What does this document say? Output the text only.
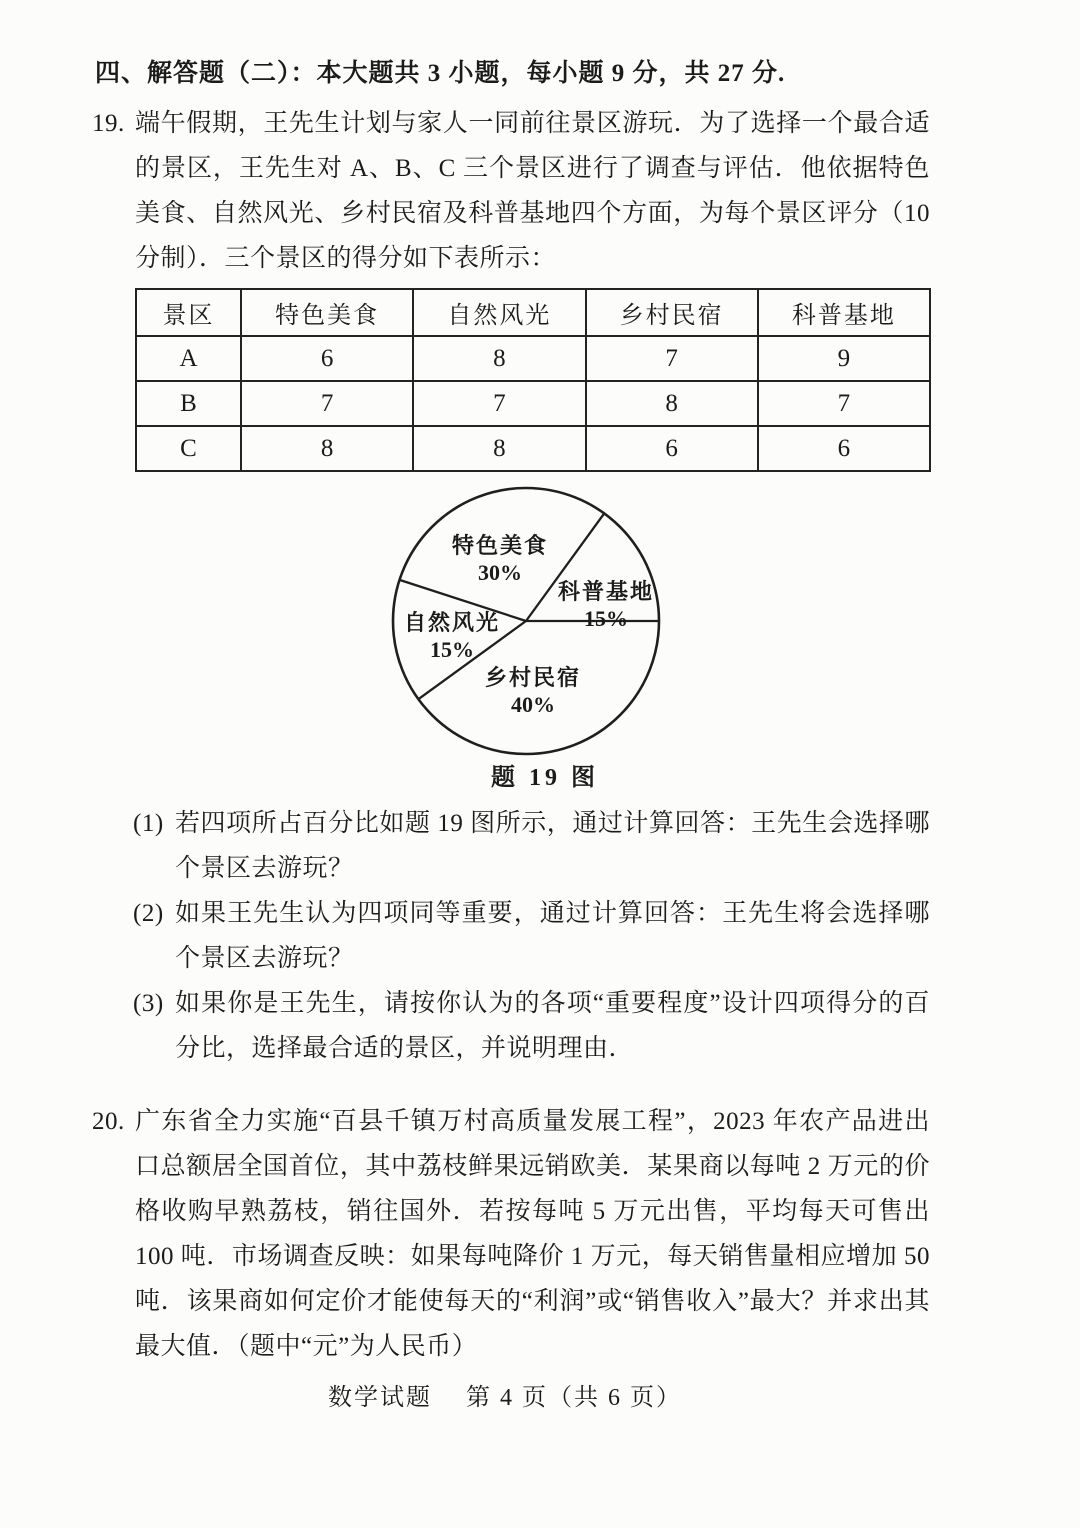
四、解答题（二）：本大题共 3 小题，每小题 9 分，共 27 分.
19. 端午假期，王先生计划与家人一同前往景区游玩．为了选择一个最合适的景区，王先生对 A、B、C 三个景区进行了调查与评估．他依据特色美食、自然风光、乡村民宿及科普基地四个方面，为每个景区评分（10 分制）．三个景区的得分如下表所示：
景区	特色美食	自然风光	乡村民宿	科普基地
A	6	8	7	9
B	7	7	8	7
C	8	8	6	6
科普基地
15%
特色美食
30%
自然风光
15%
乡村民宿
40%
题 19 图
(1) 若四项所占百分比如题 19 图所示，通过计算回答：王先生会选择哪个景区去游玩？
(2) 如果王先生认为四项同等重要，通过计算回答：王先生将会选择哪个景区去游玩？
(3) 如果你是王先生，请按你认为的各项“重要程度”设计四项得分的百分比，选择最合适的景区，并说明理由．
20. 广东省全力实施“百县千镇万村高质量发展工程”，2023 年农产品进出口总额居全国首位，其中荔枝鲜果远销欧美．某果商以每吨 2 万元的价格收购早熟荔枝，销往国外．若按每吨 5 万元出售，平均每天可售出 100 吨．市场调查反映：如果每吨降价 1 万元，每天销售量相应增加 50 吨．该果商如何定价才能使每天的“利润”或“销售收入”最大？并求出其最大值．（题中“元”为人民币）
数学试题 第 4 页（共 6 页）
